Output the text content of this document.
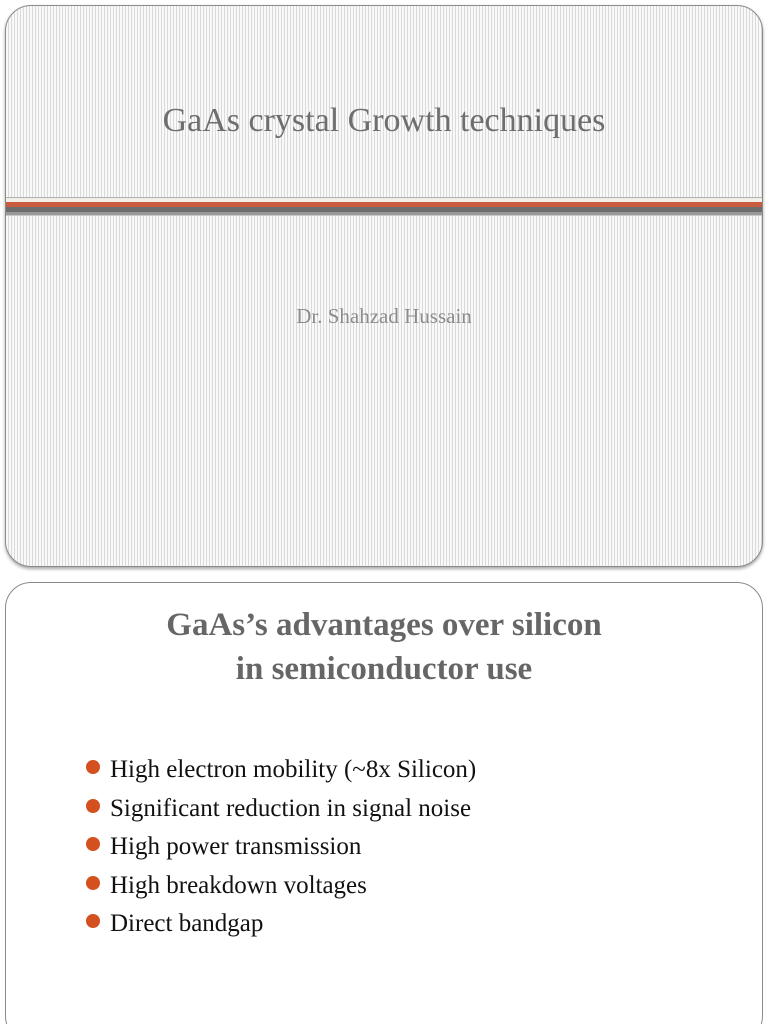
GaAs crystal Growth techniques
Dr. Shahzad Hussain
GaAs’s advantages over silicon
in semiconductor use
High electron mobility (~8x Silicon)
Significant reduction in signal noise
High power transmission
High breakdown voltages
Direct bandgap
